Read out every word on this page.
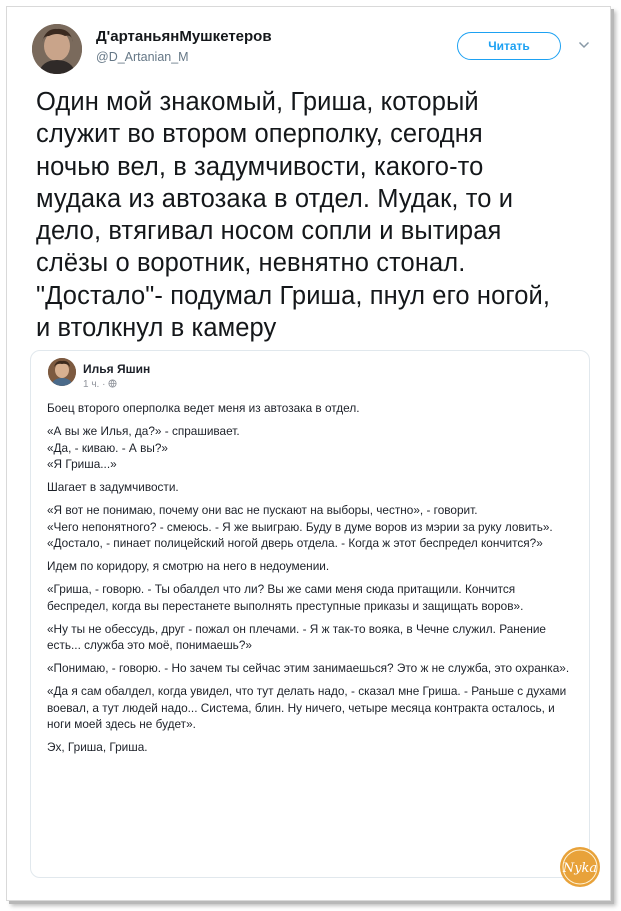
Д'артаньянМушкетеров
@D_Artanian_M
Читать
Один мой знакомый, Гриша, который
служит во втором оперполку, сегодня
ночью вел, в задумчивости, какого-то
мудака из автозака в отдел. Мудак, то и
дело, втягивал носом сопли и вытирая
слёзы о воротник, невнятно стонал.
"Достало"- подумал Гриша, пнул его ногой,
и втолкнул в камеру
Илья Яшин
1 ч. ·

Боец второго оперполка ведет меня из автозака в отдел.

«А вы же Илья, да?» - спрашивает.

«Да, - киваю. - А вы?»

«Я Гриша...»

Шагает в задумчивости.

«Я вот не понимаю, почему они вас не пускают на выборы, честно», - говорит.

«Чего непонятного? - смеюсь. - Я же выиграю. Буду в думе воров из мэрии за руку ловить».

«Достало, - пинает полицейский ногой дверь отдела. - Когда ж этот беспредел кончится?»

Идем по коридору, я смотрю на него в недоумении.

«Гриша, - говорю. - Ты обалдел что ли? Вы же сами меня сюда притащили. Кончится беспредел, когда вы перестанете выполнять преступные приказы и защищать воров».

«Ну ты не обессудь, друг - пожал он плечами. - Я ж так-то вояка, в Чечне служил. Ранение есть... служба это моё, понимаешь?»

«Понимаю, - говорю. - Но зачем ты сейчас этим занимаешься? Это ж не служба, это охранка».

«Да я сам обалдел, когда увидел, что тут делать надо, - сказал мне Гриша. - Раньше с духами воевал, а тут людей надо... Система, блин. Ну ничего, четыре месяца контракта осталось, и ноги моей здесь не будет».

Эх, Гриша, Гриша.

Nyka
